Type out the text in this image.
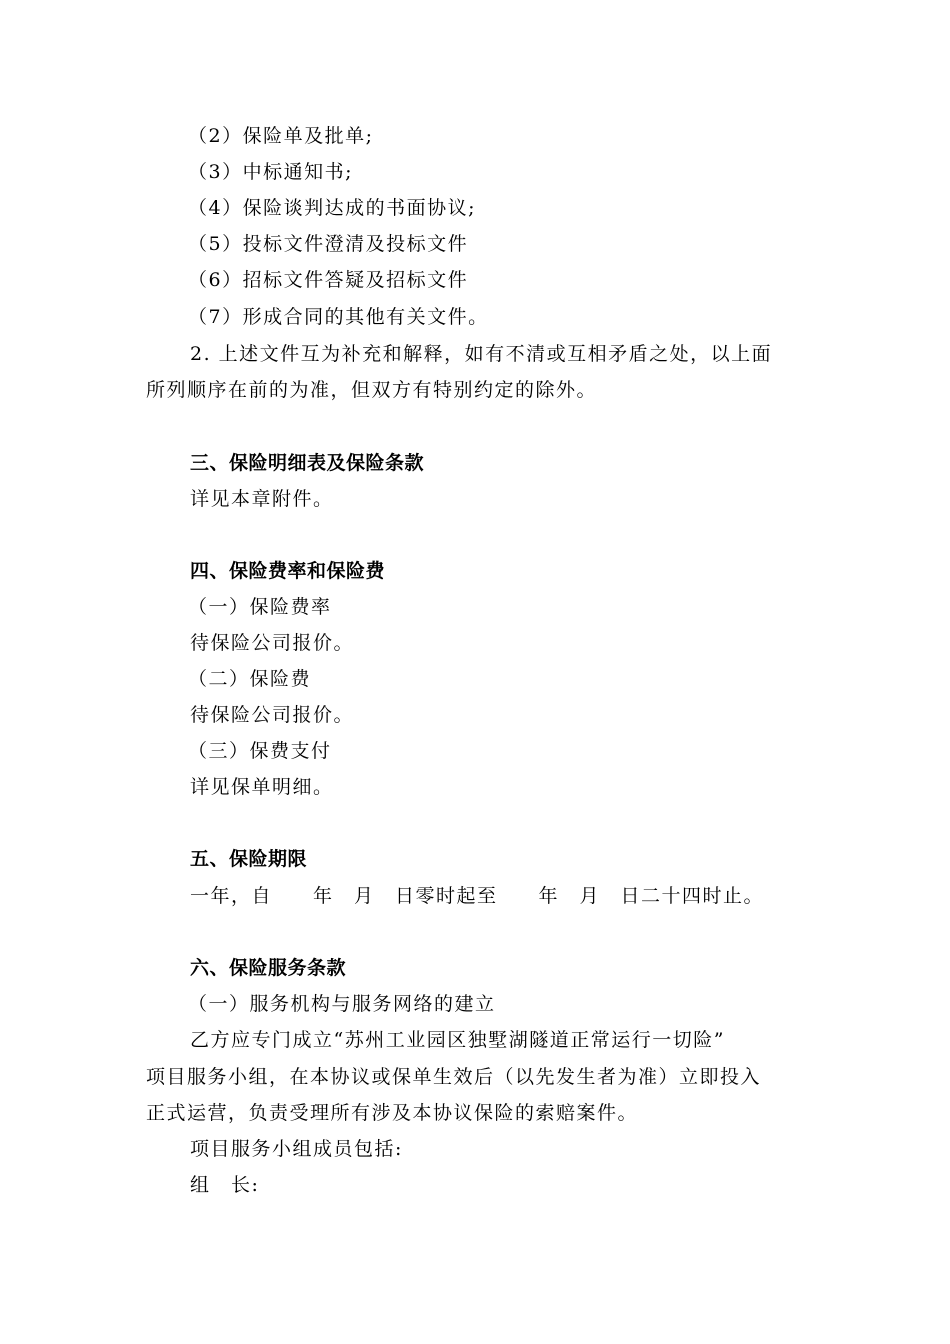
（2）保险单及批单;
（3）中标通知书;
（4）保险谈判达成的书面协议;
（5）投标文件澄清及投标文件
（6）招标文件答疑及招标文件
（7）形成合同的其他有关文件。
2. 上述文件互为补充和解释，如有不清或互相矛盾之处，以上面
所列顺序在前的为准，但双方有特别约定的除外。
三、保险明细表及保险条款
详见本章附件。
四、保险费率和保险费
（一）保险费率
待保险公司报价。
（二）保险费
待保险公司报价。
（三）保费支付
详见保单明细。
五、保险期限
一年，自　　年　月　日零时起至　　年　月　日二十四时止。
六、保险服务条款
（一）服务机构与服务网络的建立
乙方应专门成立“苏州工业园区独墅湖隧道正常运行一切险”
项目服务小组，在本协议或保单生效后（以先发生者为准）立即投入
正式运营，负责受理所有涉及本协议保险的索赔案件。
项目服务小组成员包括:
组　长:
